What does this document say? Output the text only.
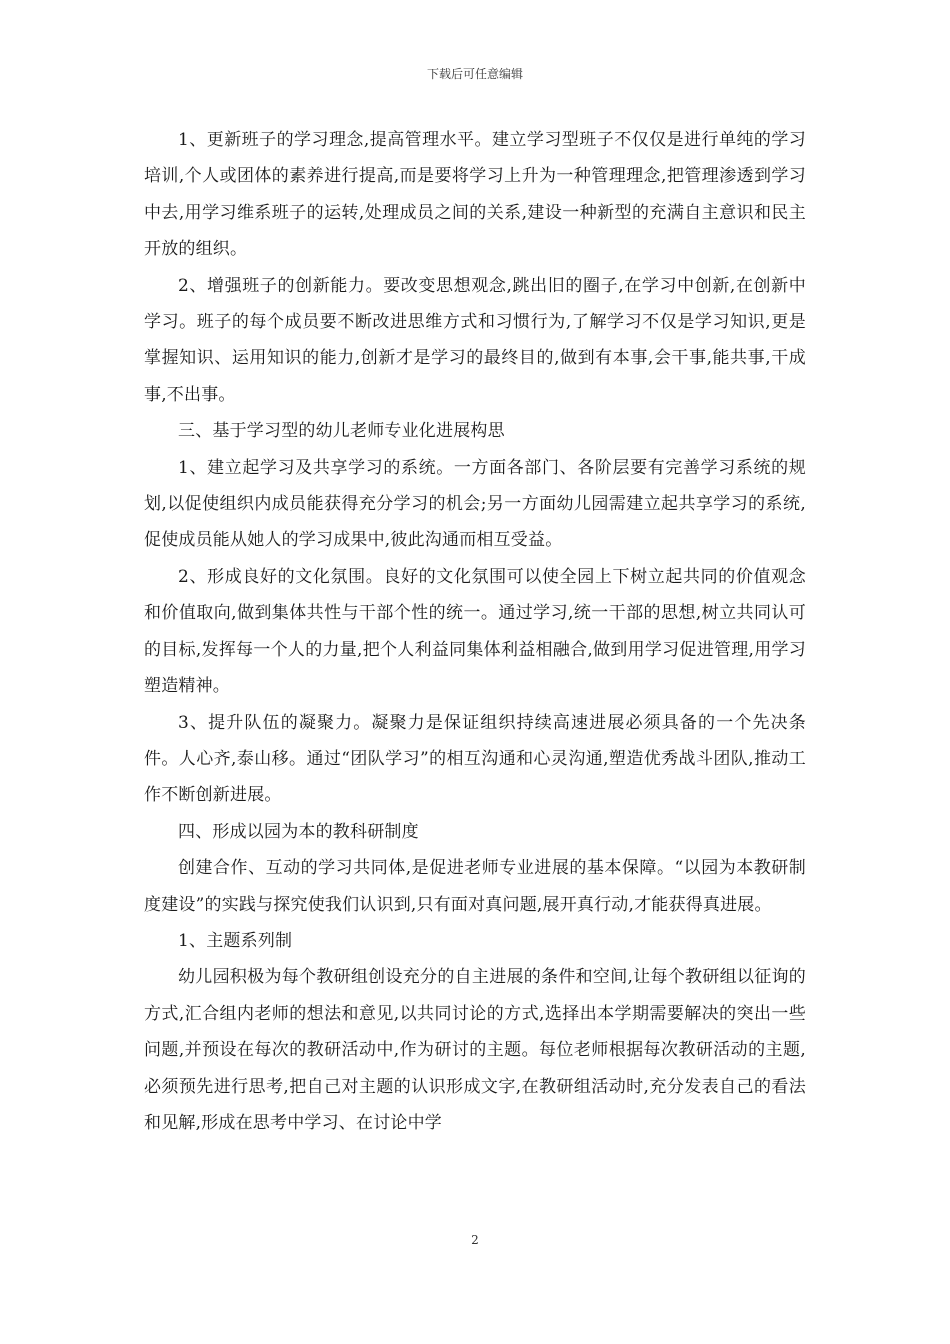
下载后可任意编辑

1、更新班子的学习理念,提高管理水平。建立学习型班子不仅仅是进行单纯的学习培训,个人或团体的素养进行提高,而是要将学习上升为一种管理理念,把管理渗透到学习中去,用学习维系班子的运转,处理成员之间的关系,建设一种新型的充满自主意识和民主开放的组织。

2、增强班子的创新能力。要改变思想观念,跳出旧的圈子,在学习中创新,在创新中学习。班子的每个成员要不断改进思维方式和习惯行为,了解学习不仅是学习知识,更是掌握知识、运用知识的能力,创新才是学习的最终目的,做到有本事,会干事,能共事,干成事,不出事。

三、基于学习型的幼儿老师专业化进展构思

1、建立起学习及共享学习的系统。一方面各部门、各阶层要有完善学习系统的规划,以促使组织内成员能获得充分学习的机会;另一方面幼儿园需建立起共享学习的系统,促使成员能从她人的学习成果中,彼此沟通而相互受益。

2、形成良好的文化氛围。良好的文化氛围可以使全园上下树立起共同的价值观念和价值取向,做到集体共性与干部个性的统一。通过学习,统一干部的思想,树立共同认可的目标,发挥每一个人的力量,把个人利益同集体利益相融合,做到用学习促进管理,用学习塑造精神。

3、提升队伍的凝聚力。凝聚力是保证组织持续高速进展必须具备的一个先决条件。人心齐,泰山移。通过“团队学习”的相互沟通和心灵沟通,塑造优秀战斗团队,推动工作不断创新进展。

四、形成以园为本的教科研制度

创建合作、互动的学习共同体,是促进老师专业进展的基本保障。“以园为本教研制度建设”的实践与探究使我们认识到,只有面对真问题,展开真行动,才能获得真进展。

1、主题系列制

幼儿园积极为每个教研组创设充分的自主进展的条件和空间,让每个教研组以征询的方式,汇合组内老师的想法和意见,以共同讨论的方式,选择出本学期需要解决的突出一些问题,并预设在每次的教研活动中,作为研讨的主题。每位老师根据每次教研活动的主题,必须预先进行思考,把自己对主题的认识形成文字,在教研组活动时,充分发表自己的看法和见解,形成在思考中学习、在讨论中学

2
